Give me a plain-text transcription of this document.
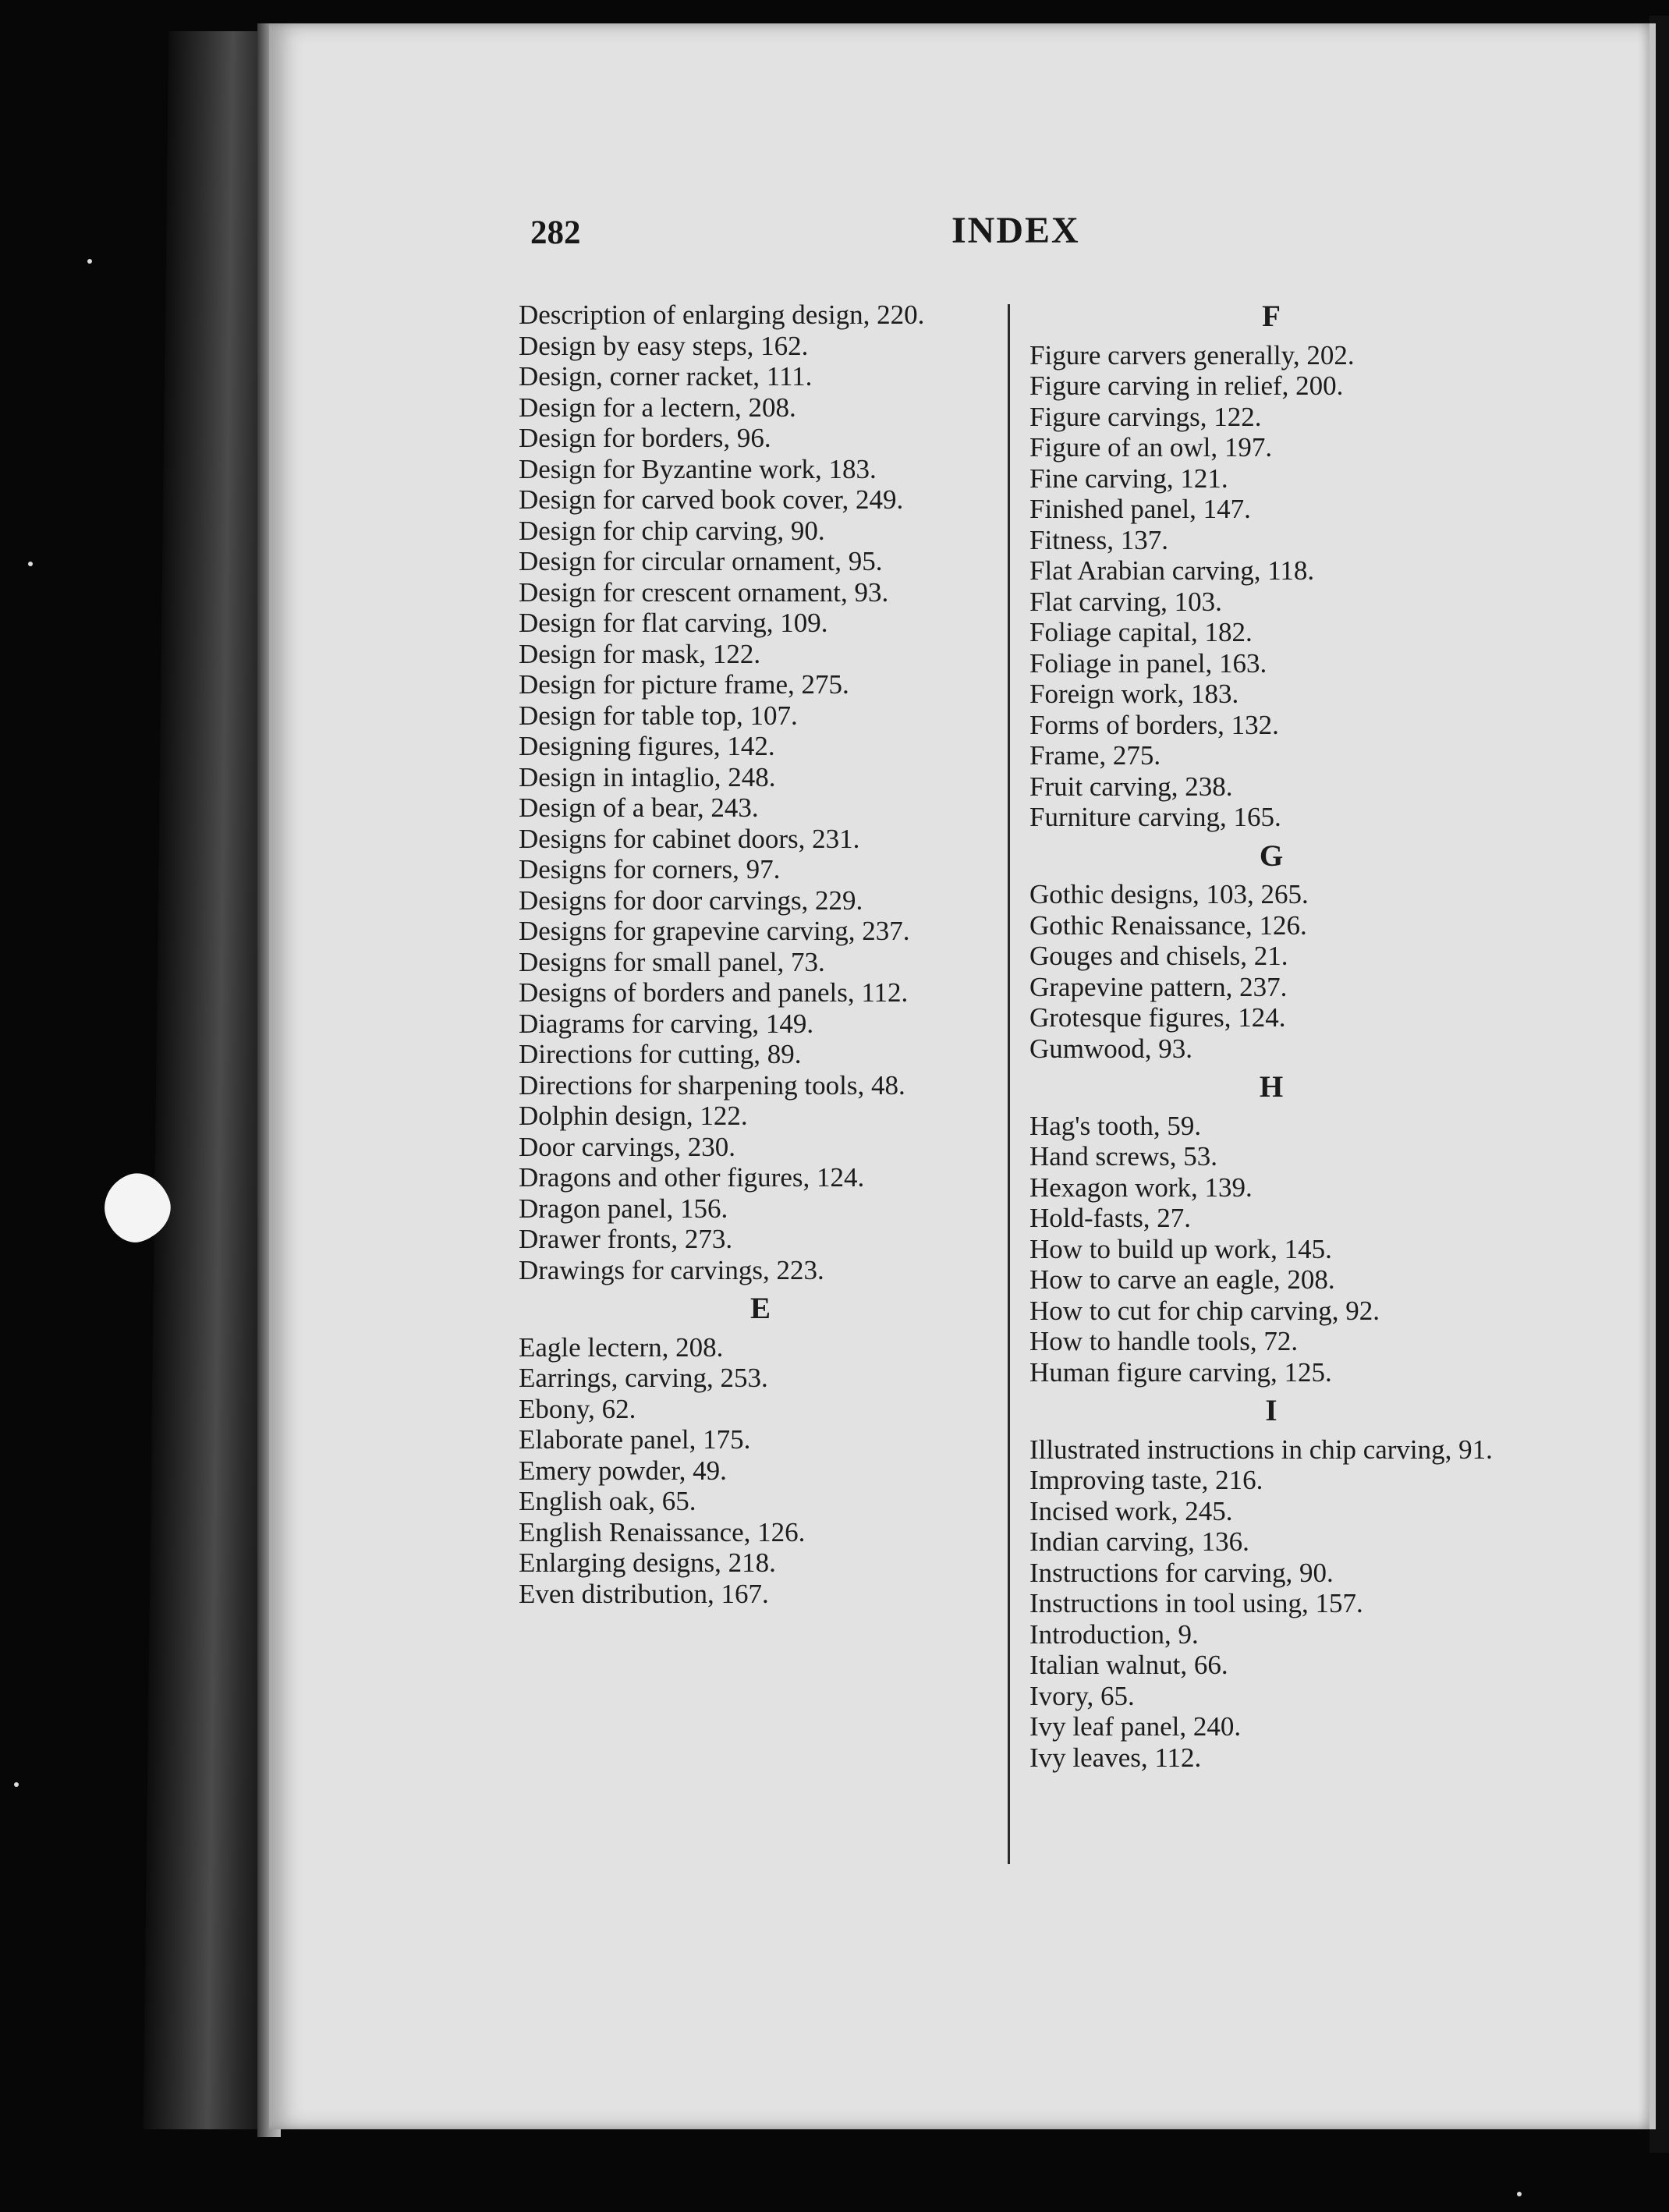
282	INDEX

Description of enlarging design, 220.

Design by easy steps, 162.

Design, corner racket, 111.

Design for a lectern, 208.

Design for borders, 96.

Design for Byzantine work, 183.

Design for carved book cover, 249.

Design for chip carving, 90.

Design for circular ornament, 95.

Design for crescent ornament, 93.

Design for flat carving, 109.

Design for mask, 122.

Design for picture frame, 275.

Design for table top, 107.

Designing figures, 142.

Design in intaglio, 248.

Design of a bear, 243.

Designs for cabinet doors, 231.

Designs for corners, 97.

Designs for door carvings, 229.

Designs for grapevine carving, 237.

Designs for small panel, 73.

Designs of borders and panels, 112.

Diagrams for carving, 149.

Directions for cutting, 89.

Directions for sharpening tools, 48.

Dolphin design, 122.

Door carvings, 230.

Dragons and other figures, 124.

Dragon panel, 156.

Drawer fronts, 273.

Drawings for carvings, 223.

E

Eagle lectern, 208.

Earrings, carving, 253.

Ebony, 62.

Elaborate panel, 175.

Emery powder, 49.

English oak, 65.

English Renaissance, 126.

Enlarging designs, 218.

Even distribution, 167.

F

Figure carvers generally, 202.

Figure carving in relief, 200.

Figure carvings, 122.

Figure of an owl, 197.

Fine carving, 121.

Finished panel, 147.

Fitness, 137.

Flat Arabian carving, 118.

Flat carving, 103.

Foliage capital, 182.

Foliage in panel, 163.

Foreign work, 183.

Forms of borders, 132.

Frame, 275.

Fruit carving, 238.

Furniture carving, 165.

G

Gothic designs, 103, 265.

Gothic Renaissance, 126.

Gouges and chisels, 21.

Grapevine pattern, 237.

Grotesque figures, 124.

Gumwood, 93.

H

Hag's tooth, 59.

Hand screws, 53.

Hexagon work, 139.

Hold-fasts, 27.

How to build up work, 145.

How to carve an eagle, 208.

How to cut for chip carving, 92.

How to handle tools, 72.

Human figure carving, 125.

I

Illustrated instructions in chip carving, 91.

Improving taste, 216.

Incised work, 245.

Indian carving, 136.

Instructions for carving, 90.

Instructions in tool using, 157.

Introduction, 9.

Italian walnut, 66.

Ivory, 65.

Ivy leaf panel, 240.

Ivy leaves, 112.
